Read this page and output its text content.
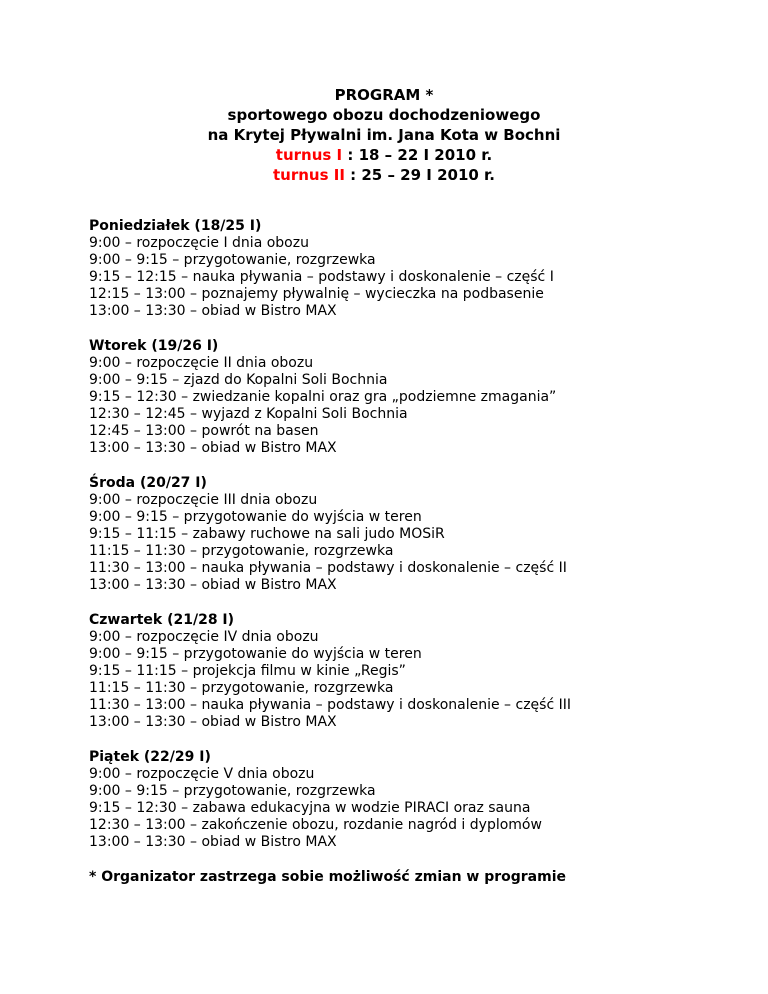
PROGRAM *
sportowego obozu dochodzeniowego
na Krytej Pływalni im. Jana Kota w Bochni
turnus I : 18 – 22 I 2010 r.
turnus II : 25 – 29 I 2010 r.
Poniedziałek (18/25 I)
9:00 – rozpoczęcie I dnia obozu
9:00 – 9:15 – przygotowanie, rozgrzewka
9:15 – 12:15 – nauka pływania – podstawy i doskonalenie – część I
12:15 – 13:00 – poznajemy pływalnię – wycieczka na podbasenie
13:00 – 13:30 – obiad w Bistro MAX
Wtorek (19/26 I)
9:00 – rozpoczęcie II dnia obozu
9:00 – 9:15 – zjazd do Kopalni Soli Bochnia
9:15 – 12:30 – zwiedzanie kopalni oraz gra „podziemne zmagania”
12:30 – 12:45 – wyjazd z Kopalni Soli Bochnia
12:45 – 13:00 – powrót na basen
13:00 – 13:30 – obiad w Bistro MAX
Środa (20/27 I)
9:00 – rozpoczęcie III dnia obozu
9:00 – 9:15 – przygotowanie do wyjścia w teren
9:15 – 11:15 – zabawy ruchowe na sali judo MOSiR
11:15 – 11:30 – przygotowanie, rozgrzewka
11:30 – 13:00 – nauka pływania – podstawy i doskonalenie – część II
13:00 – 13:30 – obiad w Bistro MAX
Czwartek (21/28 I)
9:00 – rozpoczęcie IV dnia obozu
9:00 – 9:15 – przygotowanie do wyjścia w teren
9:15 – 11:15 – projekcja filmu w kinie „Regis”
11:15 – 11:30 – przygotowanie, rozgrzewka
11:30 – 13:00 – nauka pływania – podstawy i doskonalenie – część III
13:00 – 13:30 – obiad w Bistro MAX
Piątek (22/29 I)
9:00 – rozpoczęcie V dnia obozu
9:00 – 9:15 – przygotowanie, rozgrzewka
9:15 – 12:30 – zabawa edukacyjna w wodzie PIRACI oraz sauna
12:30 – 13:00 – zakończenie obozu, rozdanie nagród i dyplomów
13:00 – 13:30 – obiad w Bistro MAX
* Organizator zastrzega sobie możliwość zmian w programie
